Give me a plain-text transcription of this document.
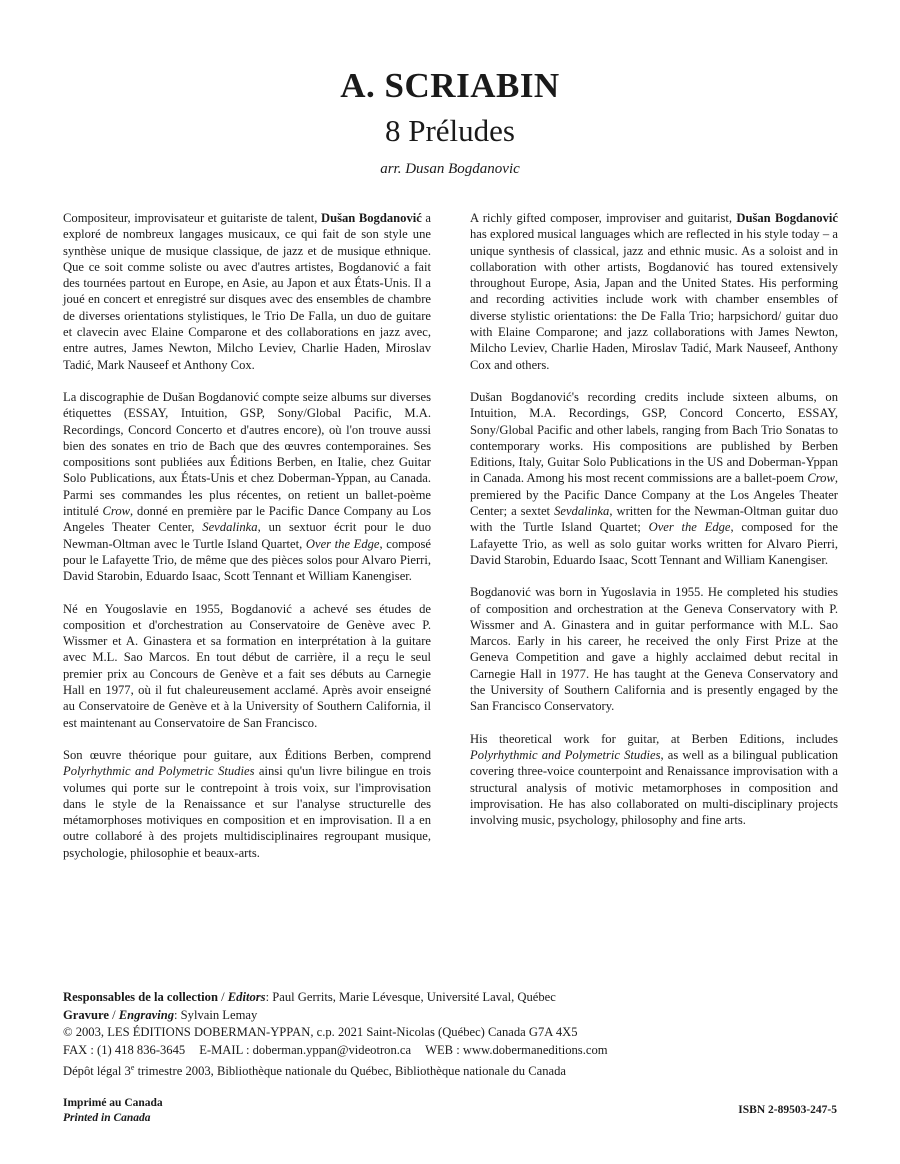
A. SCRIABIN
8 Préludes
arr. Dusan Bogdanovic

Compositeur, improvisateur et guitariste de talent, Dušan Bogdanović a exploré de nombreux langages musicaux, ce qui fait de son style une synthèse unique de musique classique, de jazz et de musique ethnique. Que ce soit comme soliste ou avec d'autres artistes, Bogdanović a fait des tournées partout en Europe, en Asie, au Japon et aux États-Unis. Il a joué en concert et enregistré sur disques avec des ensembles de chambre de diverses orientations stylistiques, le Trio De Falla, un duo de guitare et clavecin avec Elaine Comparone et des collaborations en jazz avec, entre autres, James Newton, Milcho Leviev, Charlie Haden, Miroslav Tadić, Mark Nauseef et Anthony Cox.

La discographie de Dušan Bogdanović compte seize albums sur diverses étiquettes (ESSAY, Intuition, GSP, Sony/Global Pacific, M.A. Recordings, Concord Concerto et d'autres encore), où l'on trouve aussi bien des sonates en trio de Bach que des œuvres contemporaines. Ses compositions sont publiées aux Éditions Berben, en Italie, chez Guitar Solo Publications, aux États-Unis et chez Doberman-Yppan, au Canada. Parmi ses commandes les plus récentes, on retient un ballet-poème intitulé Crow, donné en première par le Pacific Dance Company au Los Angeles Theater Center, Sevdalinka, un sextuor écrit pour le duo Newman-Oltman avec le Turtle Island Quartet, Over the Edge, composé pour le Lafayette Trio, de même que des pièces solos pour Alvaro Pierri, David Starobin, Eduardo Isaac, Scott Tennant et William Kanengiser.

Né en Yougoslavie en 1955, Bogdanović a achevé ses études de composition et d'orchestration au Conservatoire de Genève avec P. Wissmer et A. Ginastera et sa formation en interprétation à la guitare avec M.L. Sao Marcos. En tout début de carrière, il a reçu le seul premier prix au Concours de Genève et a fait ses débuts au Carnegie Hall en 1977, où il fut chaleureusement acclamé. Après avoir enseigné au Conservatoire de Genève et à la University of Southern California, il est maintenant au Conservatoire de San Francisco.

Son œuvre théorique pour guitare, aux Éditions Berben, comprend Polyrhythmic and Polymetric Studies ainsi qu'un livre bilingue en trois volumes qui porte sur le contrepoint à trois voix, sur l'improvisation dans le style de la Renaissance et sur l'analyse structurelle des métamorphoses motiviques en composition et en improvisation. Il a en outre collaboré à des projets multidisciplinaires regroupant musique, psychologie, philosophie et beaux-arts.

A richly gifted composer, improviser and guitarist, Dušan Bogdanović has explored musical languages which are reflected in his style today – a unique synthesis of classical, jazz and ethnic music. As a soloist and in collaboration with other artists, Bogdanović has toured extensively throughout Europe, Asia, Japan and the United States. His performing and recording activities include work with chamber ensembles of diverse stylistic orientations: the De Falla Trio; harpsichord/ guitar duo with Elaine Comparone; and jazz collaborations with James Newton, Milcho Leviev, Charlie Haden, Miroslav Tadić, Mark Nauseef, Anthony Cox and others.

Dušan Bogdanović's recording credits include sixteen albums, on Intuition, M.A. Recordings, GSP, Concord Concerto, ESSAY, Sony/Global Pacific and other labels, ranging from Bach Trio Sonatas to contemporary works. His compositions are published by Berben Editions, Italy, Guitar Solo Publications in the US and Doberman-Yppan in Canada. Among his most recent commissions are a ballet-poem Crow, premiered by the Pacific Dance Company at the Los Angeles Theater Center; a sextet Sevdalinka, written for the Newman-Oltman guitar duo with the Turtle Island Quartet; Over the Edge, composed for the Lafayette Trio, as well as solo guitar works written for Alvaro Pierri, David Starobin, Eduardo Isaac, Scott Tennant and William Kanengiser.

Bogdanović was born in Yugoslavia in 1955. He completed his studies of composition and orchestration at the Geneva Conservatory with P. Wissmer and A. Ginastera and in guitar performance with M.L. Sao Marcos. Early in his career, he received the only First Prize at the Geneva Competition and gave a highly acclaimed debut recital in Carnegie Hall in 1977. He has taught at the Geneva Conservatory and the University of Southern California and is presently engaged by the San Francisco Conservatory.

His theoretical work for guitar, at Berben Editions, includes Polyrhythmic and Polymetric Studies, as well as a bilingual publication covering three-voice counterpoint and Renaissance improvisation with a structural analysis of motivic metamorphoses in composition and improvisation. He has also collaborated on multi-disciplinary projects involving music, psychology, philosophy and fine arts.

Responsables de la collection / Editors: Paul Gerrits, Marie Lévesque, Université Laval, Québec
Gravure / Engraving: Sylvain Lemay
© 2003, LES ÉDITIONS DOBERMAN-YPPAN, c.p. 2021 Saint-Nicolas (Québec) Canada G7A 4X5
FAX : (1) 418 836-3645 E-MAIL : doberman.yppan@videotron.ca WEB : www.dobermaneditions.com
Dépôt légal 3e trimestre 2003, Bibliothèque nationale du Québec, Bibliothèque nationale du Canada
Imprimé au Canada
Printed in Canada
ISBN 2-89503-247-5
